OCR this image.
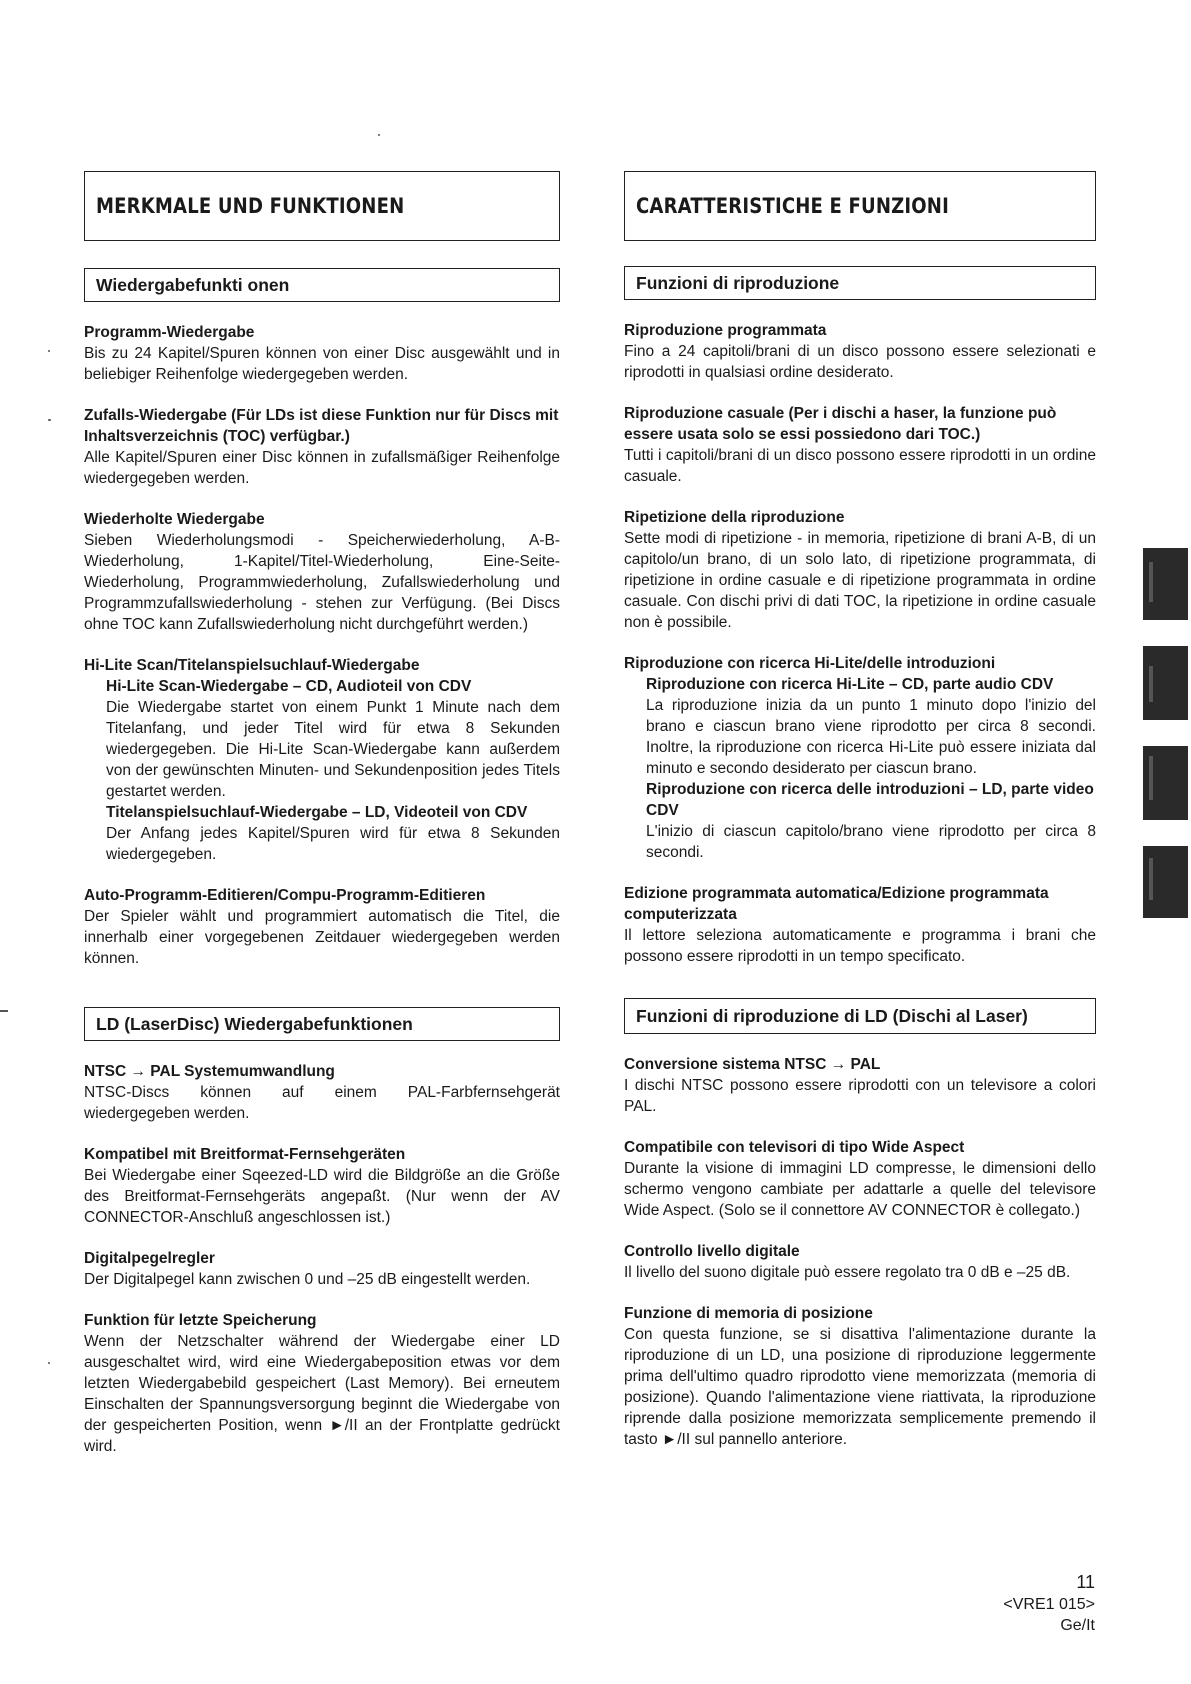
MERKMALE UND FUNKTIONEN
Wiedergabefunkti onen
Programm-Wiedergabe

Bis zu 24 Kapitel/Spuren können von einer Disc ausgewählt und in beliebiger Reihenfolge wiedergegeben werden.

Zufalls-Wiedergabe (Für LDs ist diese Funktion nur für Discs mit Inhaltsverzeichnis (TOC) verfügbar.)

Alle Kapitel/Spuren einer Disc können in zufallsmäßiger Reihenfolge wiedergegeben werden.

Wiederholte Wiedergabe

Sieben Wiederholungsmodi - Speicherwiederholung, A-B-Wiederholung, 1-Kapitel/Titel-Wiederholung, Eine-Seite-Wiederholung, Programmwiederholung, Zufallswiederholung und Programmzufallswiederholung - stehen zur Verfügung. (Bei Discs ohne TOC kann Zufallswiederholung nicht durchgeführt werden.)

Hi-Lite Scan/Titelanspielsuchlauf-Wiedergabe
Hi-Lite Scan-Wiedergabe – CD, Audioteil von CDV

Die Wiedergabe startet von einem Punkt 1 Minute nach dem Titelanfang, und jeder Titel wird für etwa 8 Sekunden wiedergegeben. Die Hi-Lite Scan-Wiedergabe kann außerdem von der gewünschten Minuten- und Sekundenposition jedes Titels gestartet werden.

Titelanspielsuchlauf-Wiedergabe – LD, Videoteil von CDV

Der Anfang jedes Kapitel/Spuren wird für etwa 8 Sekunden wiedergegeben.

Auto-Programm-Editieren/Compu-Programm-Editieren

Der Spieler wählt und programmiert automatisch die Titel, die innerhalb einer vorgegebenen Zeitdauer wiedergegeben werden können.

LD (LaserDisc) Wiedergabefunktionen
NTSC → PAL Systemumwandlung

NTSC-Discs können auf einem PAL-Farbfernsehgerät wiedergegeben werden.

Kompatibel mit Breitformat-Fernsehgeräten

Bei Wiedergabe einer Sqeezed-LD wird die Bildgröße an die Größe des Breitformat-Fernsehgeräts angepaßt. (Nur wenn der AV CONNECTOR-Anschluß angeschlossen ist.)

Digitalpegelregler

Der Digitalpegel kann zwischen 0 und –25 dB eingestellt werden.

Funktion für letzte Speicherung

Wenn der Netzschalter während der Wiedergabe einer LD ausgeschaltet wird, wird eine Wiedergabeposition etwas vor dem letzten Wiedergabebild gespeichert (Last Memory). Bei erneutem Einschalten der Spannungsversorgung beginnt die Wiedergabe von der gespeicherten Position, wenn ►/II an der Frontplatte gedrückt wird.

CARATTERISTICHE E FUNZIONI
Funzioni di riproduzione
Riproduzione programmata

Fino a 24 capitoli/brani di un disco possono essere selezionati e riprodotti in qualsiasi ordine desiderato.

Riproduzione casuale (Per i dischi a haser, la funzione può essere usata solo se essi possiedono dari TOC.)

Tutti i capitoli/brani di un disco possono essere riprodotti in un ordine casuale.

Ripetizione della riproduzione

Sette modi di ripetizione - in memoria, ripetizione di brani A-B, di un capitolo/un brano, di un solo lato, di ripetizione programmata, di ripetizione in ordine casuale e di ripetizione programmata in ordine casuale. Con dischi privi di dati TOC, la ripetizione in ordine casuale non è possibile.

Riproduzione con ricerca Hi-Lite/delle introduzioni
Riproduzione con ricerca Hi-Lite – CD, parte audio CDV

La riproduzione inizia da un punto 1 minuto dopo l'inizio del brano e ciascun brano viene riprodotto per circa 8 secondi. Inoltre, la riproduzione con ricerca Hi-Lite può essere iniziata dal minuto e secondo desiderato per ciascun brano.

Riproduzione con ricerca delle introduzioni – LD, parte video CDV

L'inizio di ciascun capitolo/brano viene riprodotto per circa 8 secondi.

Edizione programmata automatica/Edizione programmata computerizzata

Il lettore seleziona automaticamente e programma i brani che possono essere riprodotti in un tempo specificato.

Funzioni di riproduzione di LD (Dischi al Laser)
Conversione sistema NTSC → PAL

I dischi NTSC possono essere riprodotti con un televisore a colori PAL.

Compatibile con televisori di tipo Wide Aspect

Durante la visione di immagini LD compresse, le dimensioni dello schermo vengono cambiate per adattarle a quelle del televisore Wide Aspect. (Solo se il connettore AV CONNECTOR è collegato.)

Controllo livello digitale

Il livello del suono digitale può essere regolato tra 0 dB e –25 dB.

Funzione di memoria di posizione

Con questa funzione, se si disattiva l'alimentazione durante la riproduzione di un LD, una posizione di riproduzione leggermente prima dell'ultimo quadro riprodotto viene memorizzata (memoria di posizione). Quando l'alimentazione viene riattivata, la riproduzione riprende dalla posizione memorizzata semplicemente premendo il tasto ►/II sul pannello anteriore.

11
<VRE1 015>
Ge/It
